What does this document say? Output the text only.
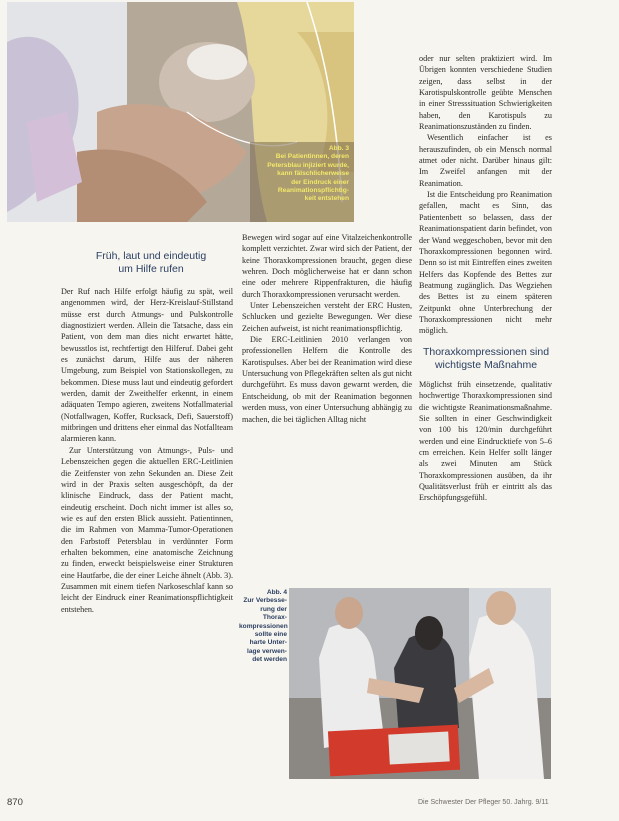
Abb. 3
Bei Patientinnen, deren
Petersblau injiziert wurde,
kann fälschlicherweise
der Eindruck einer
Reanimationspflichtig-
keit entstehen
Früh, laut und eindeutig
um Hilfe rufen

Der Ruf nach Hilfe erfolgt häufig zu spät, weil angenommen wird, der Herz-Kreislauf-Stillstand müsse erst durch Atmungs- und Pulskontrolle diagnostiziert werden. Allein die Tatsache, dass ein Patient, von dem man dies nicht erwartet hätte, bewusstlos ist, rechtfertigt den Hilferuf. Dabei geht es zunächst darum, Hilfe aus der näheren Umgebung, zum Beispiel von Stationskollegen, zu bekommen. Diese muss laut und eindeutig gefordert werden, damit der Zweithelfer erkennt, in einem adäquaten Tempo agieren, zweitens Notfallmaterial (Notfallwagen, Koffer, Rucksack, Defi, Sauerstoff) mitbringen und drittens eher einmal das Notfallteam alarmieren kann.

Zur Unterstützung von Atmungs-, Puls- und Lebenszeichen gegen die aktuellen ERC-Leitlinien die Zeitfenster von zehn Sekunden an. Diese Zeit wird in der Praxis selten ausgeschöpft, da der klinische Eindruck, dass der Patient macht, eindeutig erscheint. Doch nicht immer ist alles so, wie es auf den ersten Blick aussieht. Patientinnen, die im Rahmen von Mamma-Tumor-Operationen den Farbstoff Petersblau in verdünnter Form erhalten bekommen, eine anatomische Zeichnung zu finden, erweckt beispielsweise einer Strukturen eine Hautfarbe, die der einer Leiche ähnelt (Abb. 3). Zusammen mit einem tiefen Narkoseschlaf kann so leicht der Eindruck einer Reanimationspflichtigkeit entstehen.

Bewegen wird sogar auf eine Vitalzeichenkontrolle komplett verzichtet. Zwar wird sich der Patient, der keine Thoraxkompressionen braucht, gegen diese wehren. Doch möglicherweise hat er dann schon eine oder mehrere Rippenfrakturen, die häufig durch Thoraxkompressionen verursacht werden.

Unter Lebenszeichen versteht der ERC Husten, Schlucken und gezielte Bewegungen. Wer diese Zeichen aufweist, ist nicht reanimationspflichtig.

Die ERC-Leitlinien 2010 verlangen von professionellen Helfern die Kontrolle des Karotispulses. Aber bei der Reanimation wird diese Untersuchung von Pflegekräften selten als gut nicht durchgeführt. Es muss davon gewarnt werden, die Entscheidung, ob mit der Reanimation begonnen werden muss, von einer Untersuchung abhängig zu machen, die bei täglichen Alltag nicht

oder nur selten praktiziert wird. Im Übrigen konnten verschiedene Studien zeigen, dass selbst in der Karotispulskontrolle geübte Menschen in einer Stresssituation Schwierigkeiten haben, den Karotispuls zu Reanimationszuständen zu finden.

Wesentlich einfacher ist es herauszufinden, ob ein Mensch normal atmet oder nicht. Darüber hinaus gilt: Im Zweifel anfangen mit der Reanimation.

Ist die Entscheidung pro Reanimation gefallen, macht es Sinn, das Patientenbett so belassen, dass der Reanimationspatient darin befindet, von der Wand weggeschoben, bevor mit den Thoraxkompressionen begonnen wird. Denn so ist mit Eintreffen eines zweiten Helfers das Kopfende des Bettes zur Beatmung zugänglich. Das Wegziehen des Bettes ist zu einem späteren Zeitpunkt ohne Unterbrechung der Thoraxkompressionen nicht mehr möglich.

Thoraxkompressionen sind
wichtigste Maßnahme

Möglichst früh einsetzende, qualitativ hochwertige Thoraxkompressionen sind die wichtigste Reanimationsmaßnahme. Sie sollten in einer Geschwindigkeit von 100 bis 120/min durchgeführt werden und eine Eindrucktiefe von 5–6 cm erreichen. Kein Helfer sollt länger als zwei Minuten am Stück Thoraxkompressionen ausüben, da ihr Qualitätsverlust früh er eintritt als das Erschöpfungsgefühl.

Abb. 4
Zur Verbesse-
rung der
Thorax-
kompressionen
sollte eine
harte Unter-
lage verwen-
det werden
870	Die Schwester Der Pfleger 50. Jahrg. 9/11
